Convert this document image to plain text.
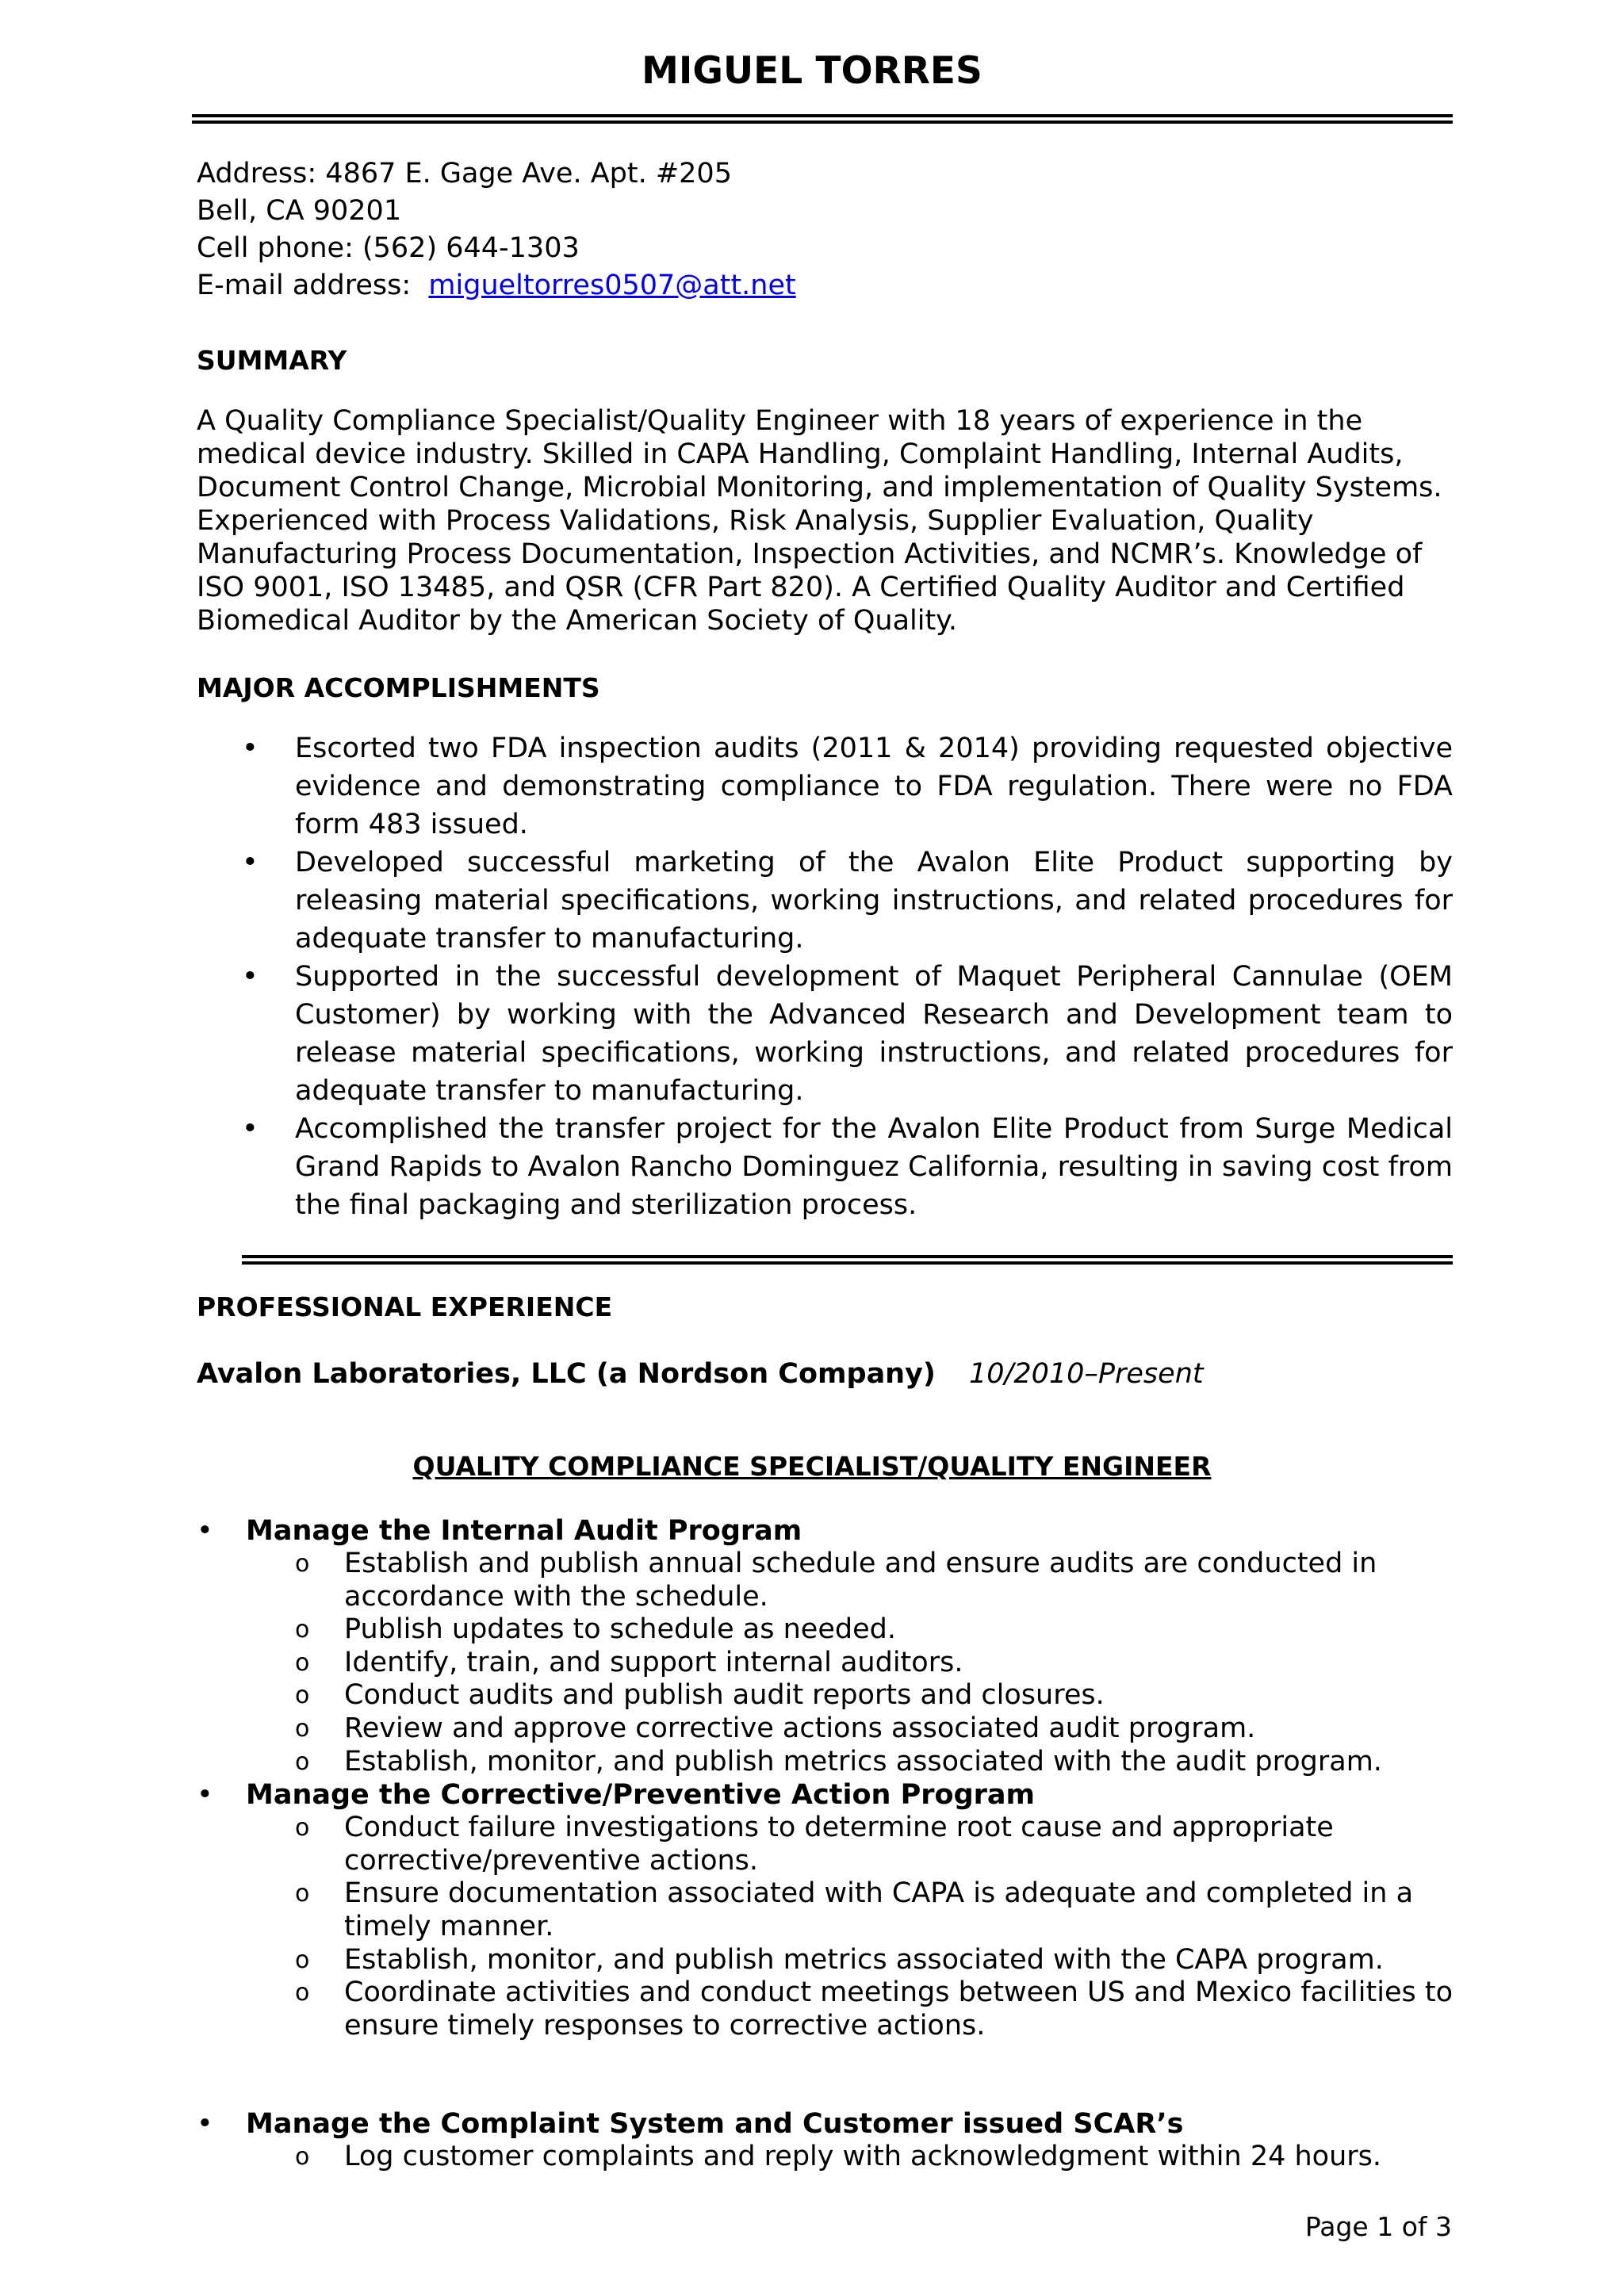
MIGUEL TORRES
Address: 4867 E. Gage Ave. Apt. #205
Bell, CA 90201
Cell phone: (562) 644-1303
E-mail address: migueltorres0507@att.net
SUMMARY
A Quality Compliance Specialist/Quality Engineer with 18 years of experience in the medical device industry. Skilled in CAPA Handling, Complaint Handling, Internal Audits, Document Control Change, Microbial Monitoring, and implementation of Quality Systems. Experienced with Process Validations, Risk Analysis, Supplier Evaluation, Quality Manufacturing Process Documentation, Inspection Activities, and NCMR’s. Knowledge of ISO 9001, ISO 13485, and QSR (CFR Part 820). A Certified Quality Auditor and Certified Biomedical Auditor by the American Society of Quality.
MAJOR ACCOMPLISHMENTS
• Escorted two FDA inspection audits (2011 & 2014) providing requested objective evidence and demonstrating compliance to FDA regulation. There were no FDA form 483 issued.
• Developed successful marketing of the Avalon Elite Product supporting by releasing material specifications, working instructions, and related procedures for adequate transfer to manufacturing.
• Supported in the successful development of Maquet Peripheral Cannulae (OEM Customer) by working with the Advanced Research and Development team to release material specifications, working instructions, and related procedures for adequate transfer to manufacturing.
• Accomplished the transfer project for the Avalon Elite Product from Surge Medical Grand Rapids to Avalon Rancho Dominguez California, resulting in saving cost from the final packaging and sterilization process.
PROFESSIONAL EXPERIENCE
Avalon Laboratories, LLC (a Nordson Company) 10/2010–Present
QUALITY COMPLIANCE SPECIALIST/QUALITY ENGINEER
• Manage the Internal Audit Program
o Establish and publish annual schedule and ensure audits are conducted in accordance with the schedule.
o Publish updates to schedule as needed.
o Identify, train, and support internal auditors.
o Conduct audits and publish audit reports and closures.
o Review and approve corrective actions associated audit program.
o Establish, monitor, and publish metrics associated with the audit program.
• Manage the Corrective/Preventive Action Program
o Conduct failure investigations to determine root cause and appropriate corrective/preventive actions.
o Ensure documentation associated with CAPA is adequate and completed in a timely manner.
o Establish, monitor, and publish metrics associated with the CAPA program.
o Coordinate activities and conduct meetings between US and Mexico facilities to ensure timely responses to corrective actions.
• Manage the Complaint System and Customer issued SCAR’s
o Log customer complaints and reply with acknowledgment within 24 hours.
Page 1 of 3
